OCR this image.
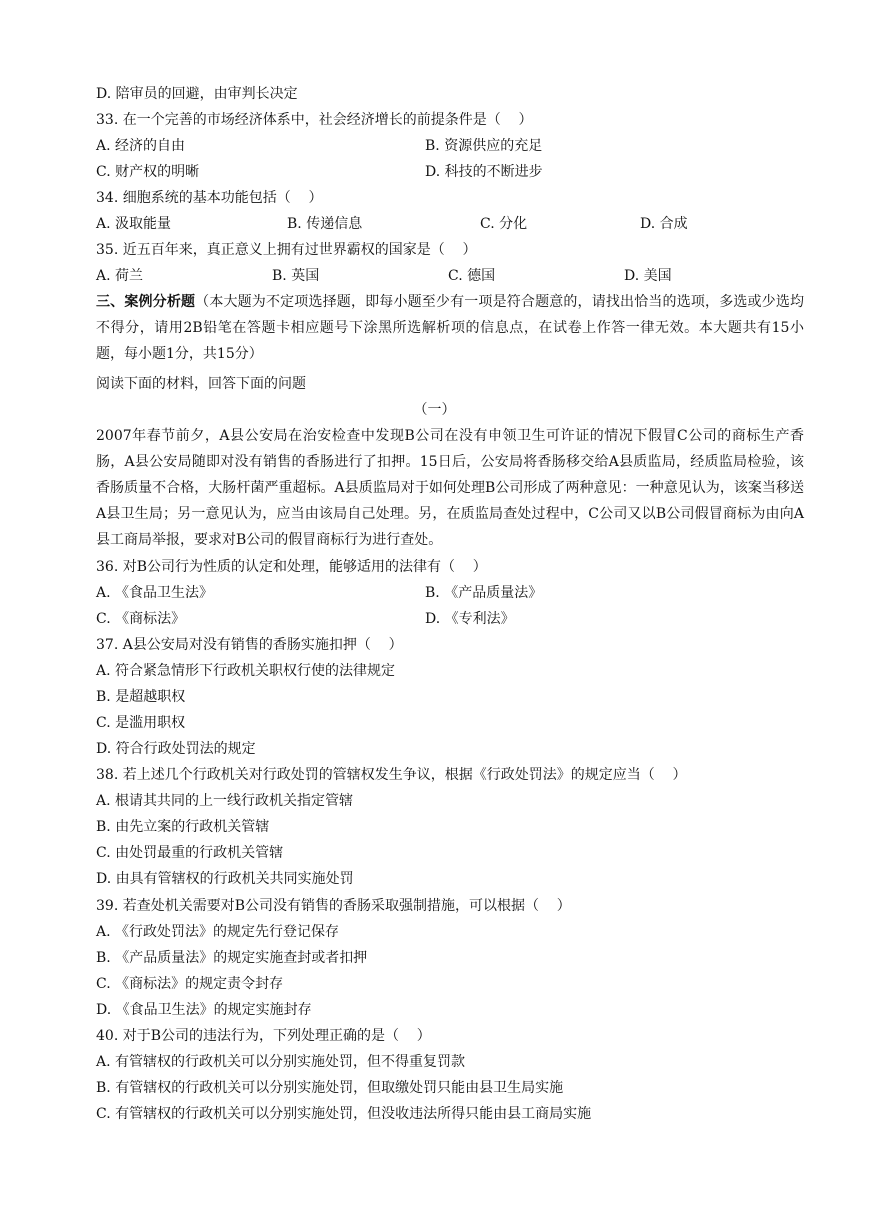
D. 陪审员的回避，由审判长决定
33. 在一个完善的市场经济体系中，社会经济增长的前提条件是（    ）
A. 经济的自由	B. 资源供应的充足
C. 财产权的明晰	D. 科技的不断进步
34. 细胞系统的基本功能包括（    ）
A. 汲取能量	B. 传递信息	C. 分化	D. 合成
35. 近五百年来，真正意义上拥有过世界霸权的国家是（    ）
A. 荷兰	B. 英国	C. 德国	D. 美国
三、案例分析题（本大题为不定项选择题，即每小题至少有一项是符合题意的，请找出恰当的选项，多选或少选均不得分，请用2B铅笔在答题卡相应题号下涂黑所选解析项的信息点，在试卷上作答一律无效。本大题共有15小题，每小题1分，共15分）
阅读下面的材料，回答下面的问题
（一）
2007年春节前夕，A县公安局在治安检查中发现B公司在没有申领卫生可许证的情况下假冒C公司的商标生产香肠，A县公安局随即对没有销售的香肠进行了扣押。15日后，公安局将香肠移交给A县质监局，经质监局检验，该香肠质量不合格，大肠杆菌严重超标。A县质监局对于如何处理B公司形成了两种意见：一种意见认为，该案当移送A县卫生局；另一意见认为，应当由该局自己处理。另，在质监局查处过程中，C公司又以B公司假冒商标为由向A县工商局举报，要求对B公司的假冒商标行为进行查处。
36. 对B公司行为性质的认定和处理，能够适用的法律有（    ）
A. 《食品卫生法》	B. 《产品质量法》
C. 《商标法》	D. 《专利法》
37. A县公安局对没有销售的香肠实施扣押（    ）
A. 符合紧急情形下行政机关职权行使的法律规定
B. 是超越职权
C. 是滥用职权
D. 符合行政处罚法的规定
38. 若上述几个行政机关对行政处罚的管辖权发生争议，根据《行政处罚法》的规定应当（    ）
A. 根请其共同的上一线行政机关指定管辖
B. 由先立案的行政机关管辖
C. 由处罚最重的行政机关管辖
D. 由具有管辖权的行政机关共同实施处罚
39. 若查处机关需要对B公司没有销售的香肠采取强制措施，可以根据（    ）
A. 《行政处罚法》的规定先行登记保存
B. 《产品质量法》的规定实施查封或者扣押
C. 《商标法》的规定责令封存
D. 《食品卫生法》的规定实施封存
40. 对于B公司的违法行为，下列处理正确的是（    ）
A. 有管辖权的行政机关可以分别实施处罚，但不得重复罚款
B. 有管辖权的行政机关可以分别实施处罚，但取缴处罚只能由县卫生局实施
C. 有管辖权的行政机关可以分别实施处罚，但没收违法所得只能由县工商局实施
